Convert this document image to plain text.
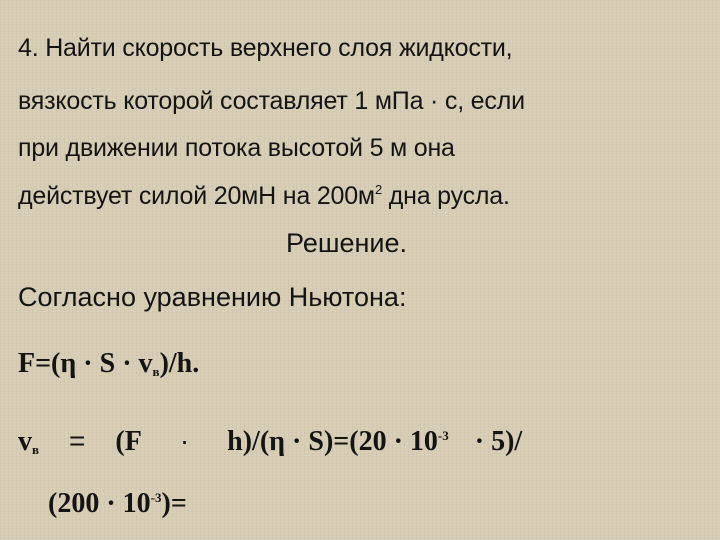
4. Найти скорость верхнего слоя жидкости,
вязкость которой составляет 1 мПа · с, если
при движении потока высотой 5 м она
действует силой 20мН на $200м^2$ дна русла.
Решение.
Согласно уравнению Ньютона:
$F=(\eta \cdot S \cdot v_в)/h$.
$v_в = (F \cdot h)/(\eta \cdot S)=(20 \cdot 10^{-3} \cdot 5)/$
$(200 \cdot 10^{-3})=$
